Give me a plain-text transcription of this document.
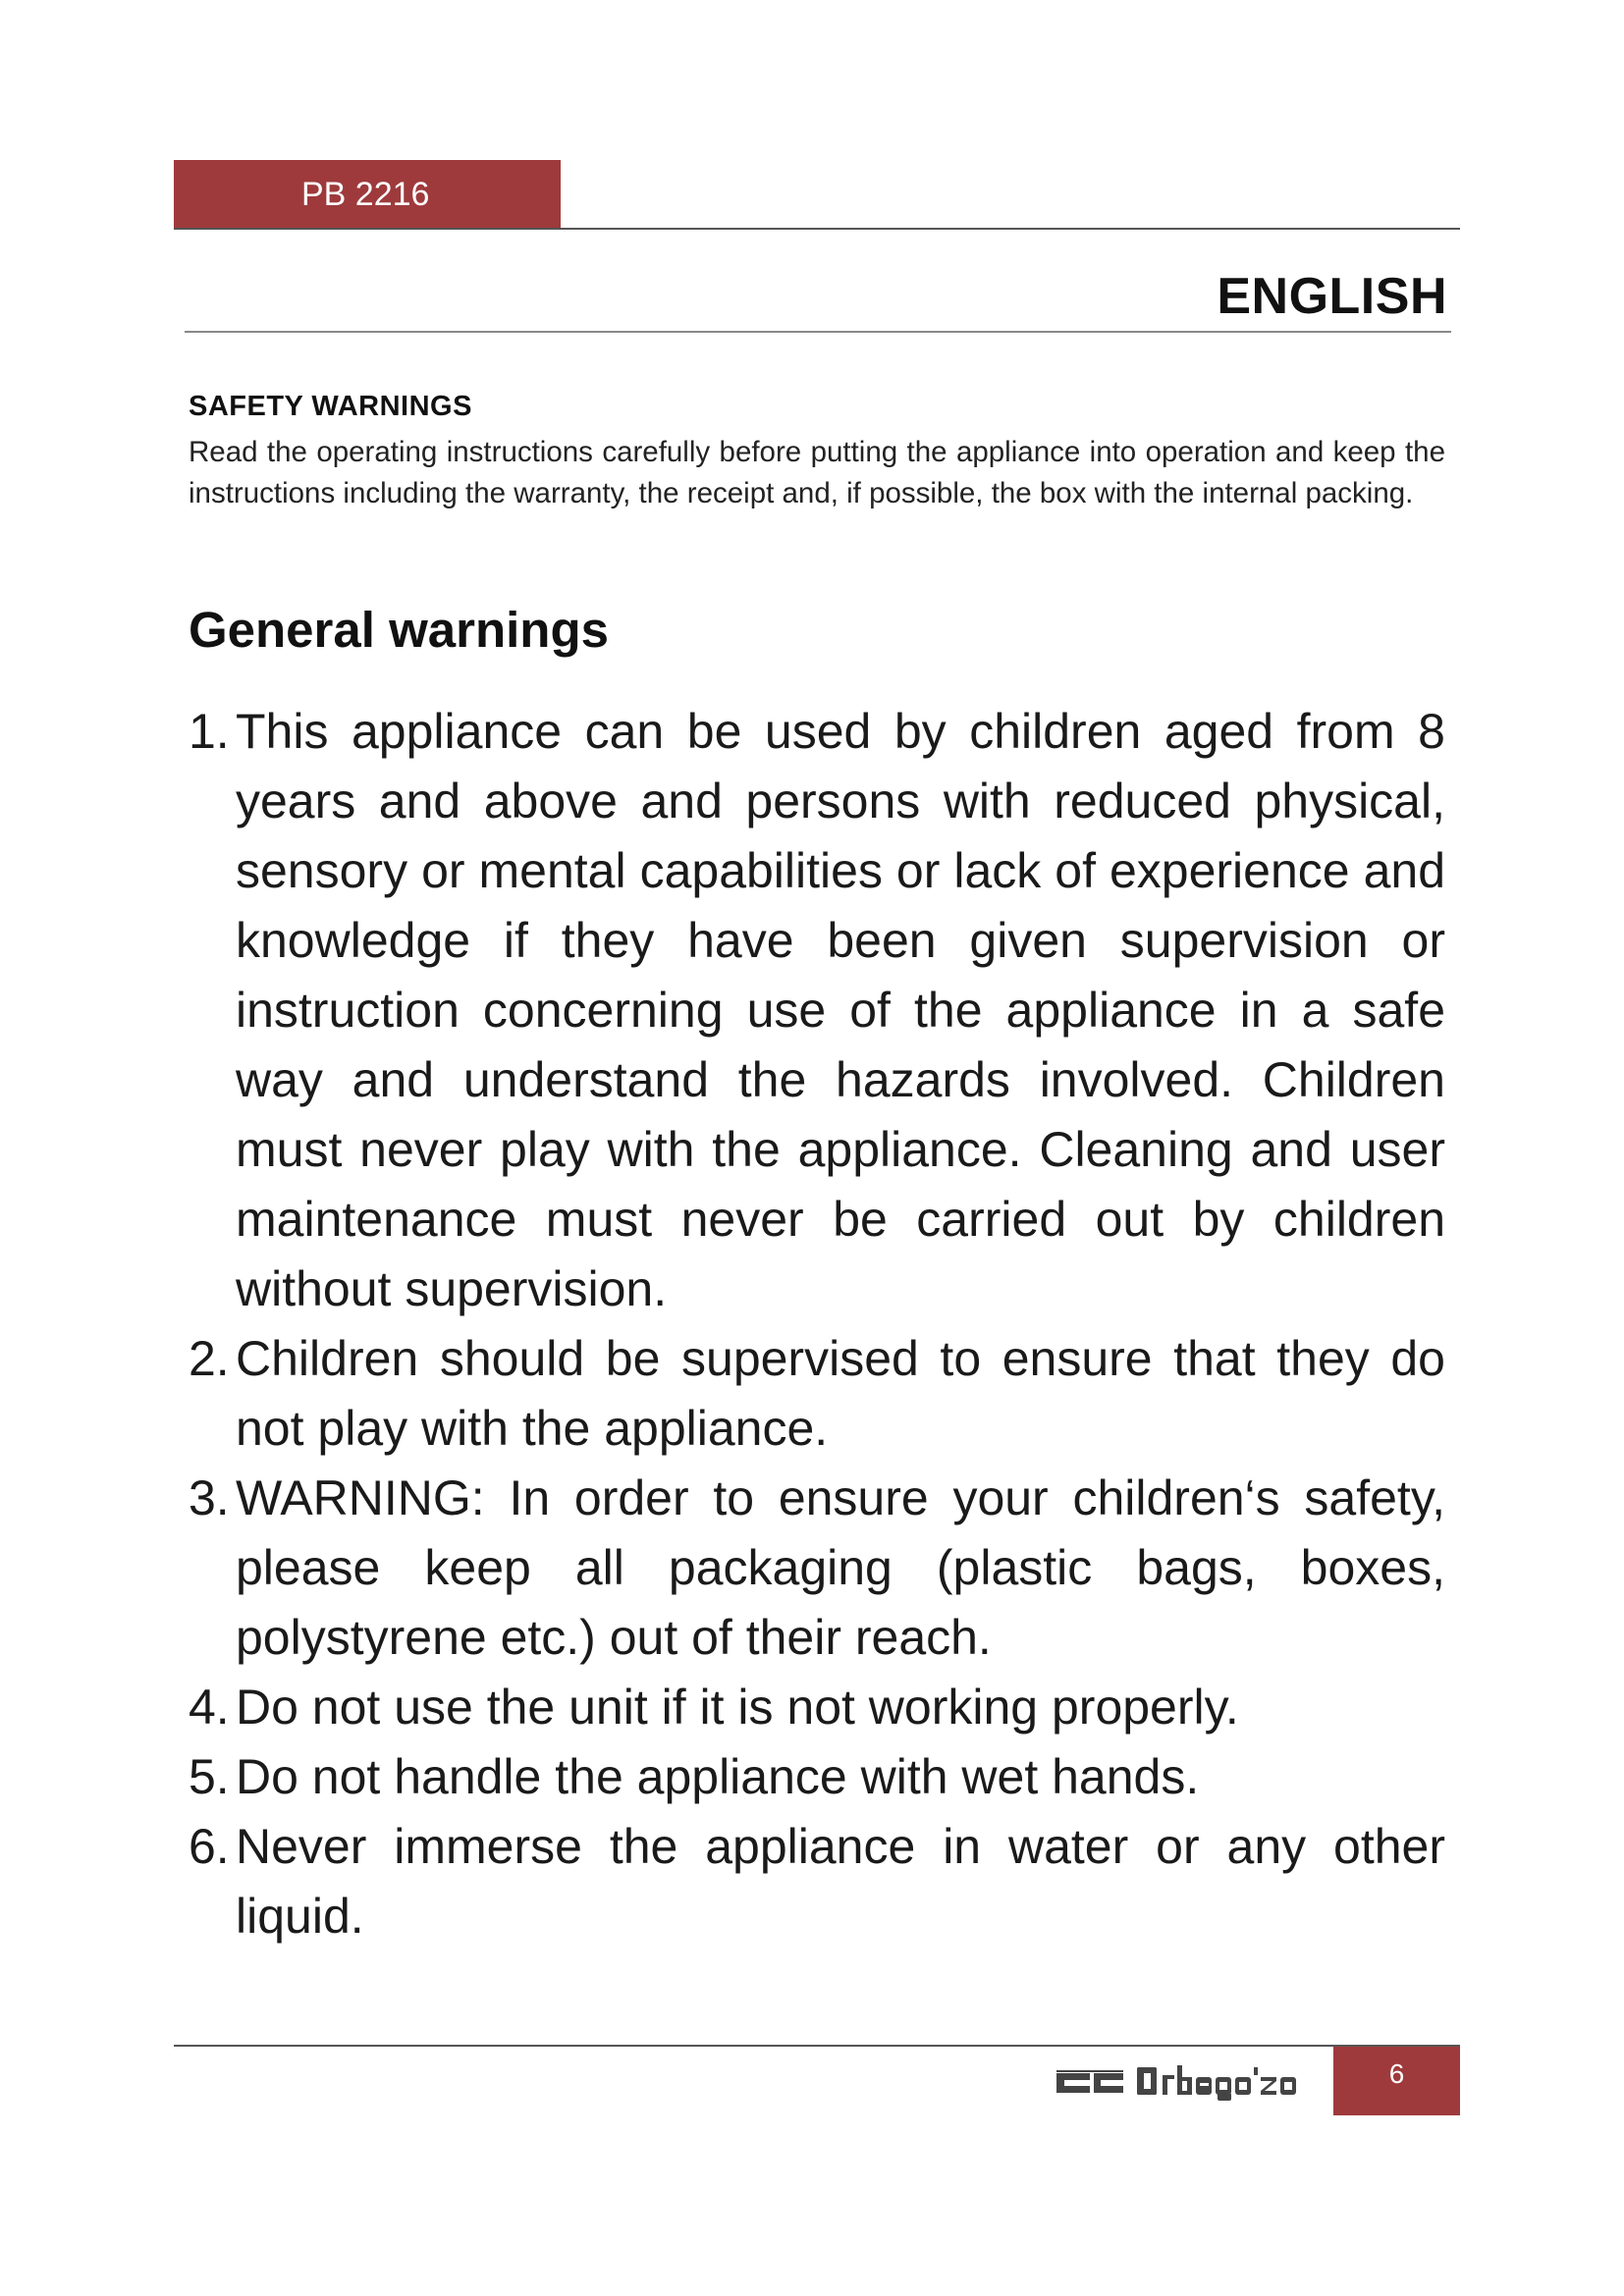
PB 2216
ENGLISH
SAFETY WARNINGS
Read the operating instructions carefully before putting the appliance into operation and keep the instructions including the warranty, the receipt and, if possible, the box with the internal packing.
General warnings
1. This appliance can be used by children aged from 8 years and above and persons with reduced physical, sensory or mental capabilities or lack of experience and knowledge if they have been given supervision or instruction concerning use of the appliance in a safe way and understand the hazards involved. Children must never play with the appliance. Cleaning and user maintenance must never be carried out by children without supervision.
2. Children should be supervised to ensure that they do not play with the appliance.
3. WARNING: In order to ensure your children‘s safety, please keep all packaging (plastic bags, boxes, polystyrene etc.) out of their reach.
4. Do not use the unit if it is not working properly.
5. Do not handle the appliance with wet hands.
6. Never immerse the appliance in water or any other liquid.
6
